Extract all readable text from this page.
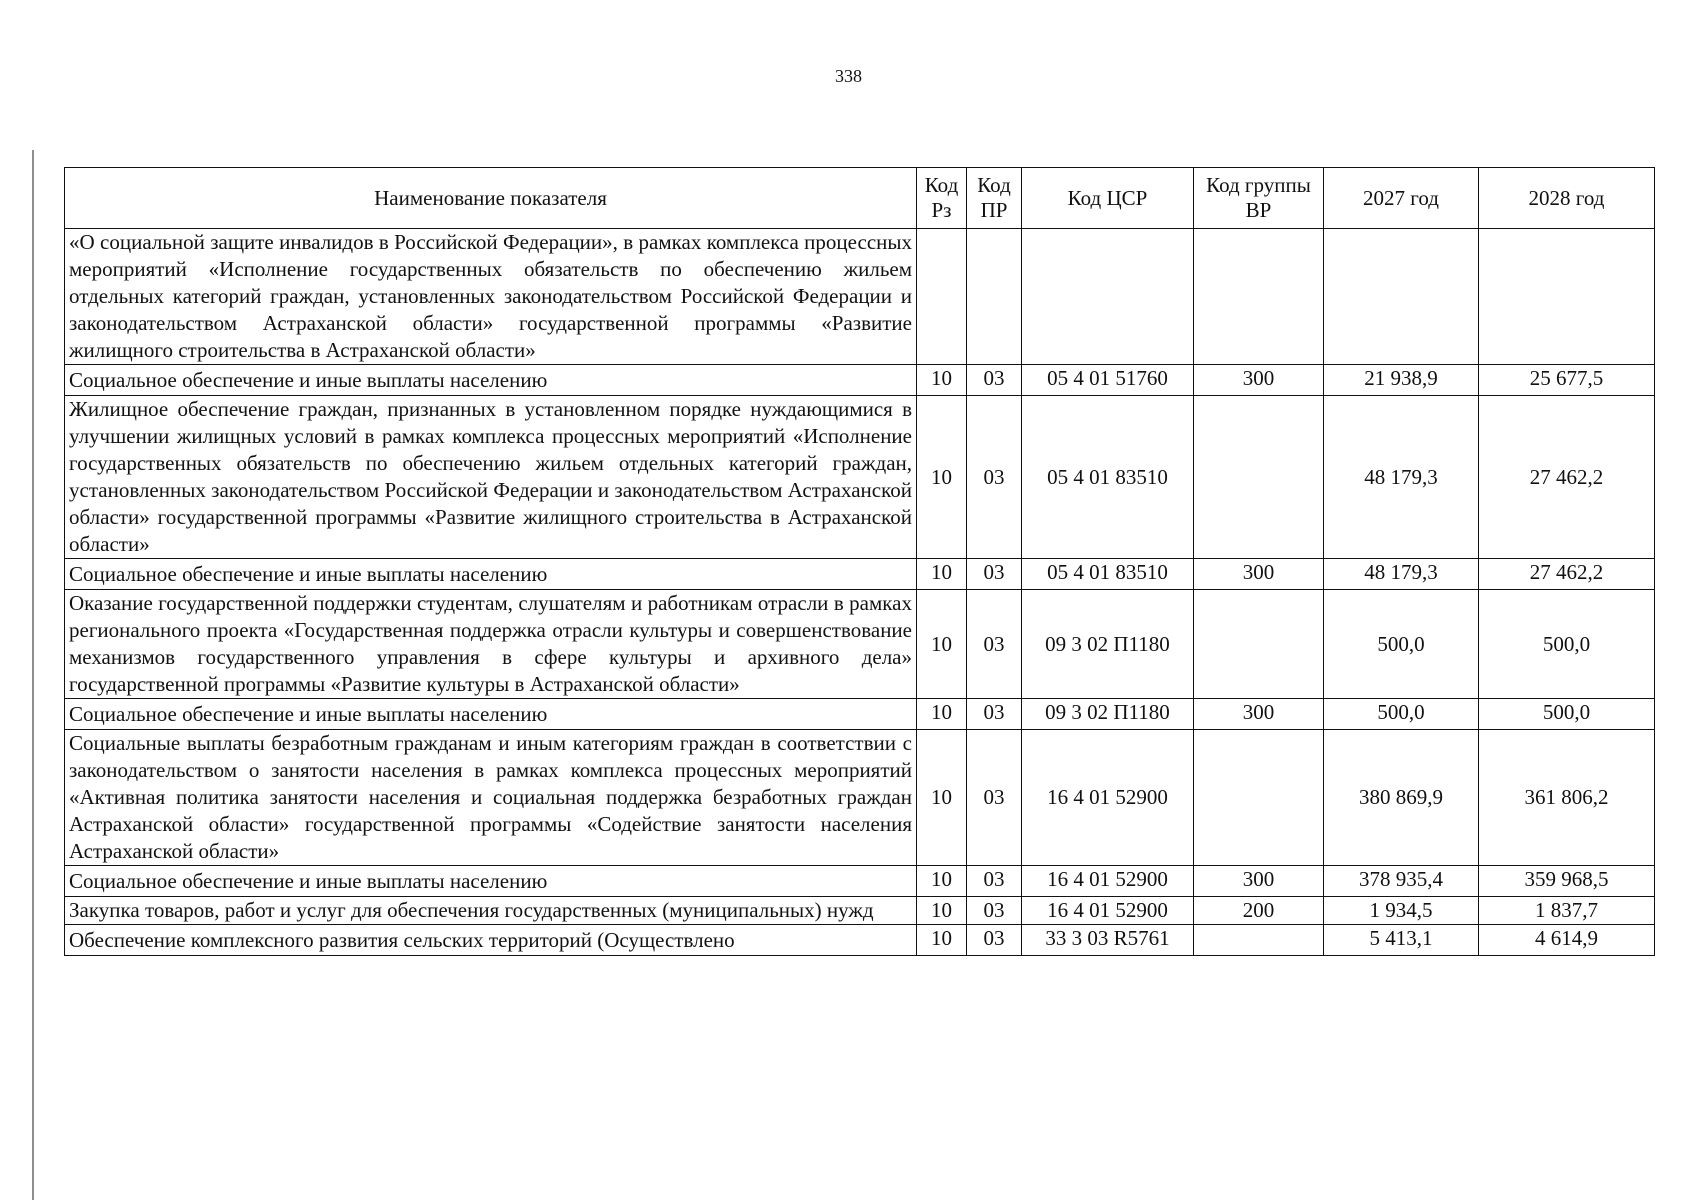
338
Наименование показателя	Код Рз	Код ПР	Код ЦСР	Код группы ВР	2027 год	2028 год
«О социальной защите инвалидов в Российской Федерации», в рамках комплекса процессных мероприятий «Исполнение государственных обязательств по обеспечению жильем отдельных категорий граждан, установленных законодательством Российской Федерации и законодательством Астраханской области» государственной программы «Развитие жилищного строительства в Астраханской области»						
Социальное обеспечение и иные выплаты населению	10	03	05 4 01 51760	300	21 938,9	25 677,5
Жилищное обеспечение граждан, признанных в установленном порядке нуждающимися в улучшении жилищных условий в рамках комплекса процессных мероприятий «Исполнение государственных обязательств по обеспечению жильем отдельных категорий граждан, установленных законодательством Российской Федерации и законодательством Астраханской области» государственной программы «Развитие жилищного строительства в Астраханской области»	10	03	05 4 01 83510		48 179,3	27 462,2
Социальное обеспечение и иные выплаты населению	10	03	05 4 01 83510	300	48 179,3	27 462,2
Оказание государственной поддержки студентам, слушателям и работникам отрасли в рамках регионального проекта «Государственная поддержка отрасли культуры и совершенствование механизмов государственного управления в сфере культуры и архивного дела» государственной программы «Развитие культуры в Астраханской области»	10	03	09 3 02 П1180		500,0	500,0
Социальное обеспечение и иные выплаты населению	10	03	09 3 02 П1180	300	500,0	500,0
Социальные выплаты безработным гражданам и иным категориям граждан в соответствии с законодательством о занятости населения в рамках комплекса процессных мероприятий «Активная политика занятости населения и социальная поддержка безработных граждан Астраханской области» государственной программы «Содействие занятости населения Астраханской области»	10	03	16 4 01 52900		380 869,9	361 806,2
Социальное обеспечение и иные выплаты населению	10	03	16 4 01 52900	300	378 935,4	359 968,5
Закупка товаров, работ и услуг для обеспечения государственных (муниципальных) нужд	10	03	16 4 01 52900	200	1 934,5	1 837,7
Обеспечение комплексного развития сельских территорий (Осуществлено	10	03	33 3 03 R5761		5 413,1	4 614,9
